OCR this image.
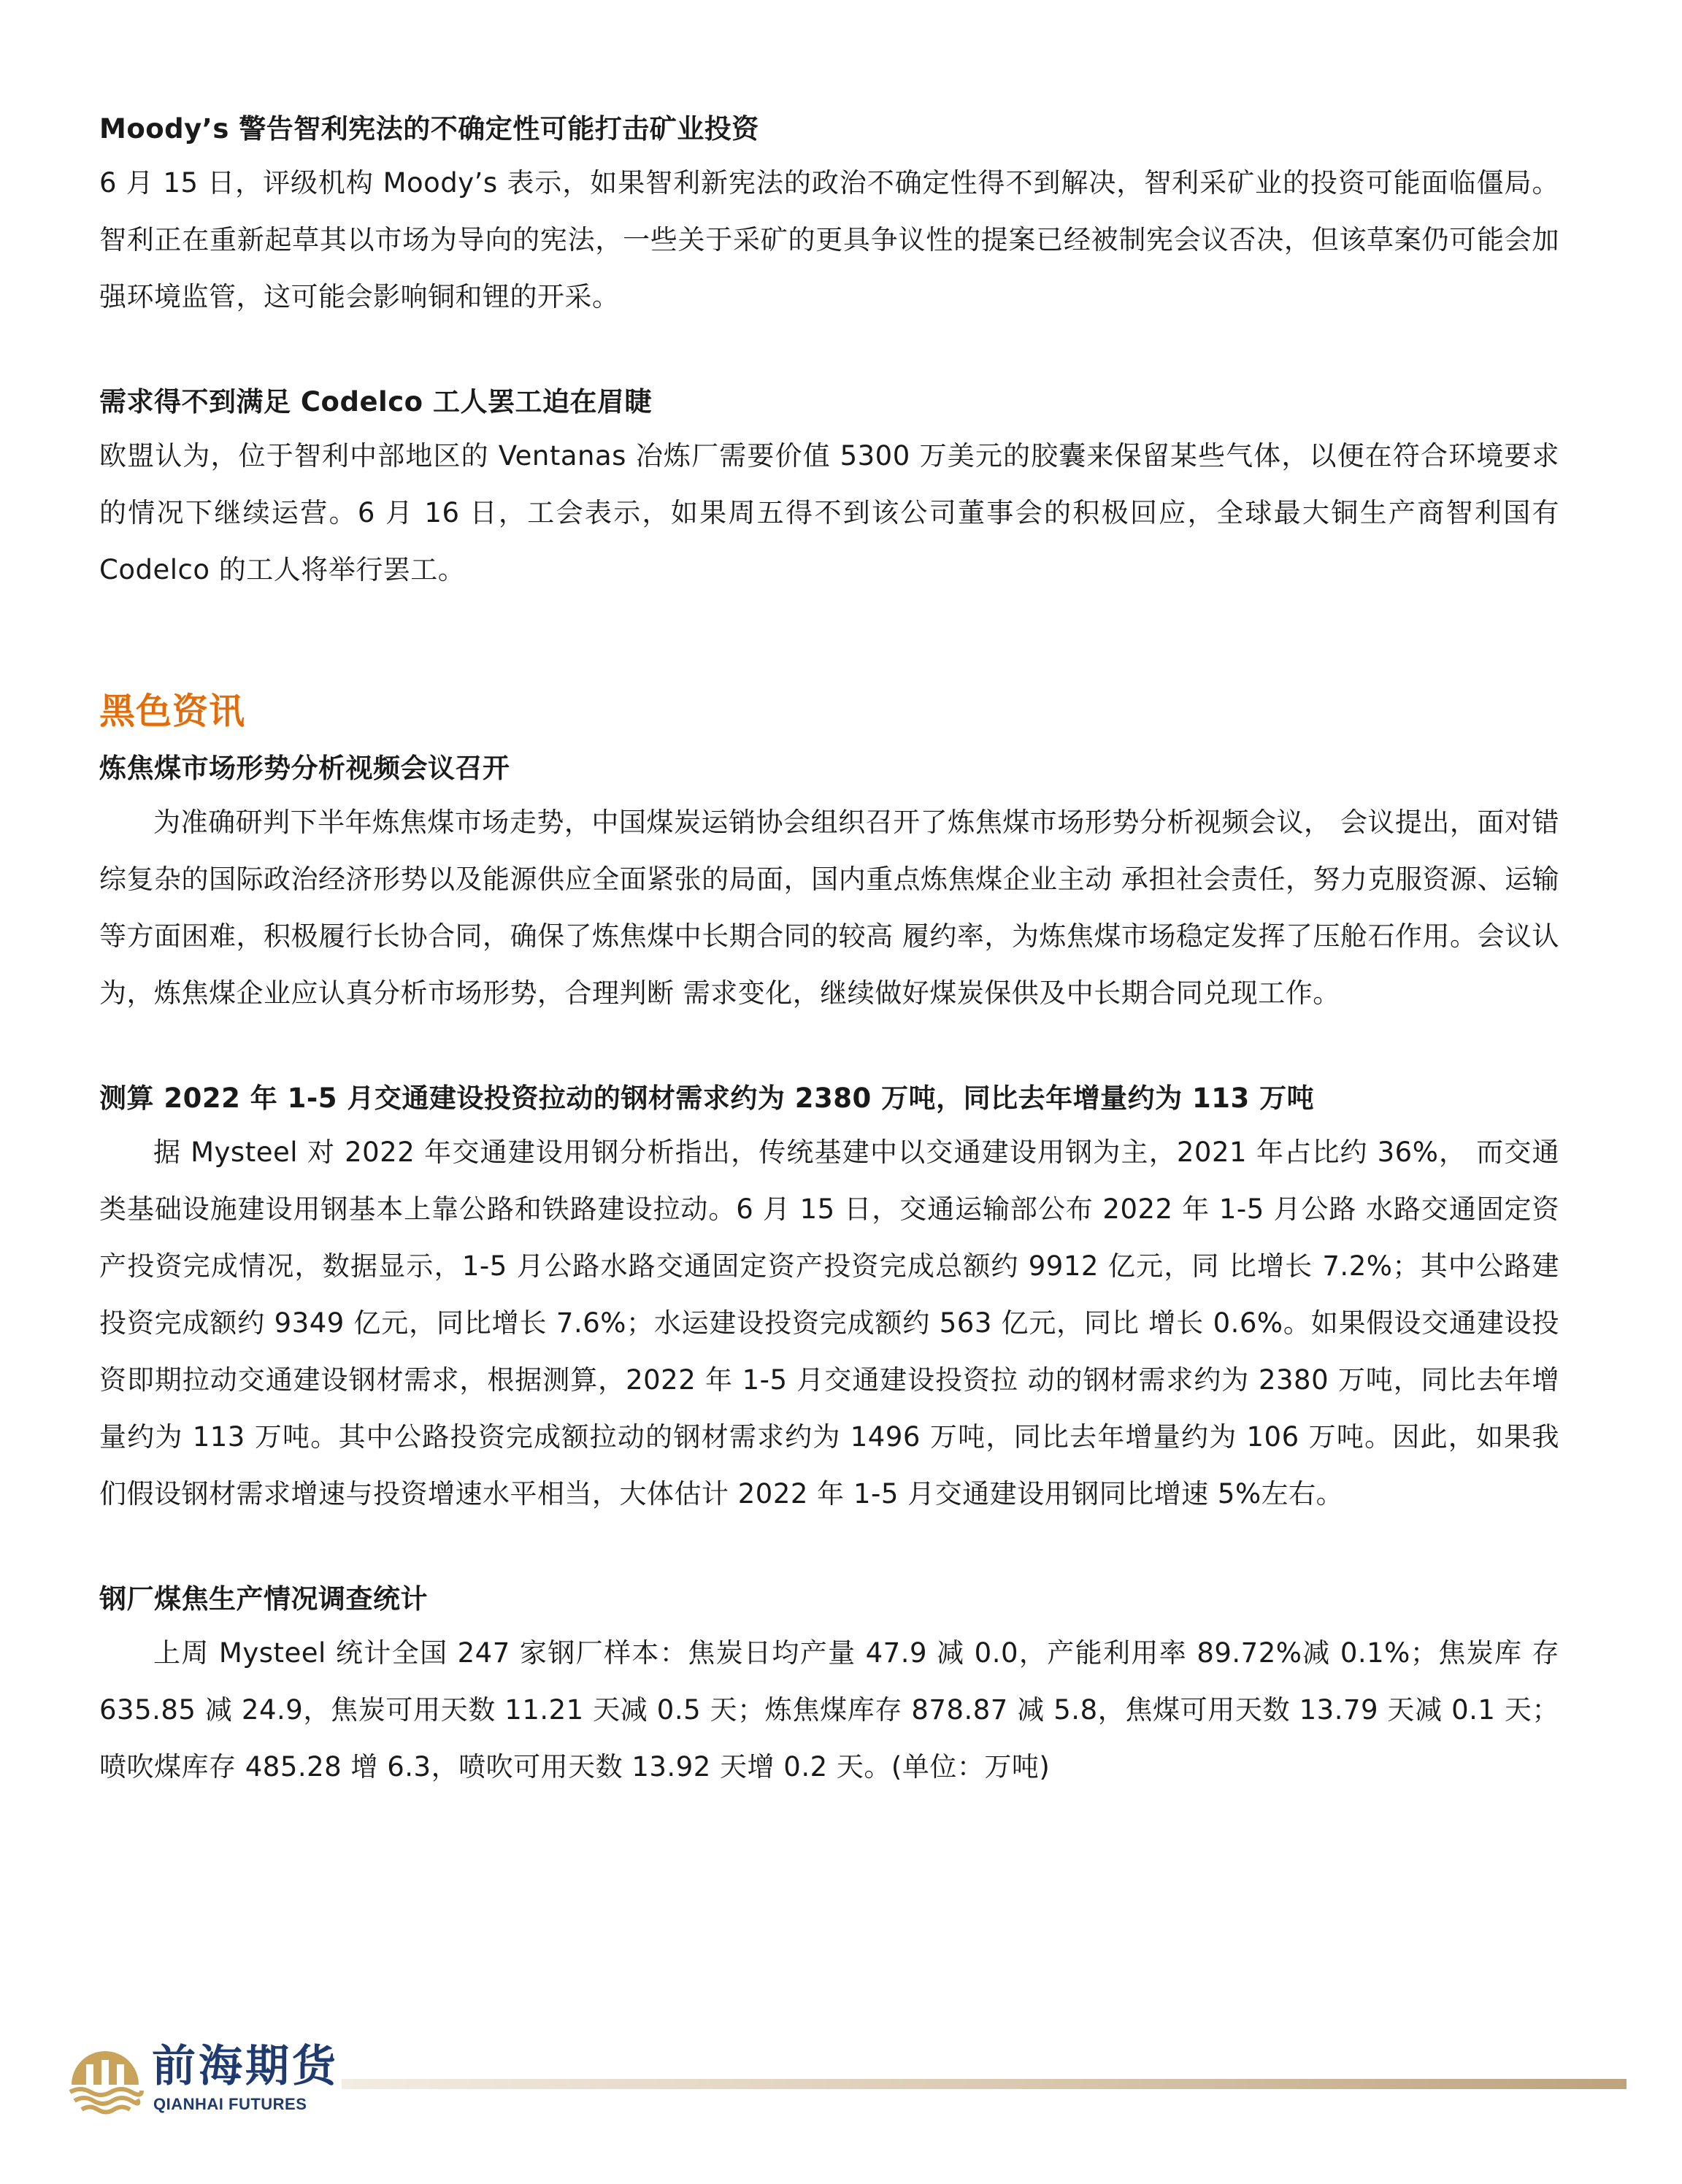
Moody’s 警告智利宪法的不确定性可能打击矿业投资

6 月 15 日，评级机构 Moody’s 表示，如果智利新宪法的政治不确定性得不到解决，智利采矿业的投资可能面临僵局。智利正在重新起草其以市场为导向的宪法，一些关于采矿的更具争议性的提案已经被制宪会议否决，但该草案仍可能会加强环境监管，这可能会影响铜和锂的开采。

需求得不到满足 Codelco 工人罢工迫在眉睫

欧盟认为，位于智利中部地区的 Ventanas 冶炼厂需要价值 5300 万美元的胶囊来保留某些气体，以便在符合环境要求的情况下继续运营。6 月 16 日，工会表示，如果周五得不到该公司董事会的积极回应，全球最大铜生产商智利国有 Codelco 的工人将举行罢工。

黑色资讯

炼焦煤市场形势分析视频会议召开

为准确研判下半年炼焦煤市场走势，中国煤炭运销协会组织召开了炼焦煤市场形势分析视频会议， 会议提出，面对错综复杂的国际政治经济形势以及能源供应全面紧张的局面，国内重点炼焦煤企业主动 承担社会责任，努力克服资源、运输等方面困难，积极履行长协合同，确保了炼焦煤中长期合同的较高 履约率，为炼焦煤市场稳定发挥了压舱石作用。会议认为，炼焦煤企业应认真分析市场形势，合理判断 需求变化，继续做好煤炭保供及中长期合同兑现工作。

测算 2022 年 1-5 月交通建设投资拉动的钢材需求约为 2380 万吨，同比去年增量约为 113 万吨

据 Mysteel 对 2022 年交通建设用钢分析指出，传统基建中以交通建设用钢为主，2021 年占比约 36%， 而交通类基础设施建设用钢基本上靠公路和铁路建设拉动。6 月 15 日，交通运输部公布 2022 年 1-5 月公路 水路交通固定资产投资完成情况，数据显示，1-5 月公路水路交通固定资产投资完成总额约 9912 亿元，同 比增长 7.2%；其中公路建投资完成额约 9349 亿元，同比增长 7.6%；水运建设投资完成额约 563 亿元，同比 增长 0.6%。如果假设交通建设投资即期拉动交通建设钢材需求，根据测算，2022 年 1-5 月交通建设投资拉 动的钢材需求约为 2380 万吨，同比去年增量约为 113 万吨。其中公路投资完成额拉动的钢材需求约为 1496 万吨，同比去年增量约为 106 万吨。因此，如果我们假设钢材需求增速与投资增速水平相当，大体估计 2022 年 1-5 月交通建设用钢同比增速 5%左右。

钢厂煤焦生产情况调查统计

上周 Mysteel 统计全国 247 家钢厂样本：焦炭日均产量 47.9 减 0.0，产能利用率 89.72%减 0.1%；焦炭库 存 635.85 减 24.9，焦炭可用天数 11.21 天减 0.5 天；炼焦煤库存 878.87 减 5.8，焦煤可用天数 13.79 天减 0.1 天；喷吹煤库存 485.28 增 6.3，喷吹可用天数 13.92 天增 0.2 天。(单位：万吨)

前海期货

QIANHAI FUTURES
